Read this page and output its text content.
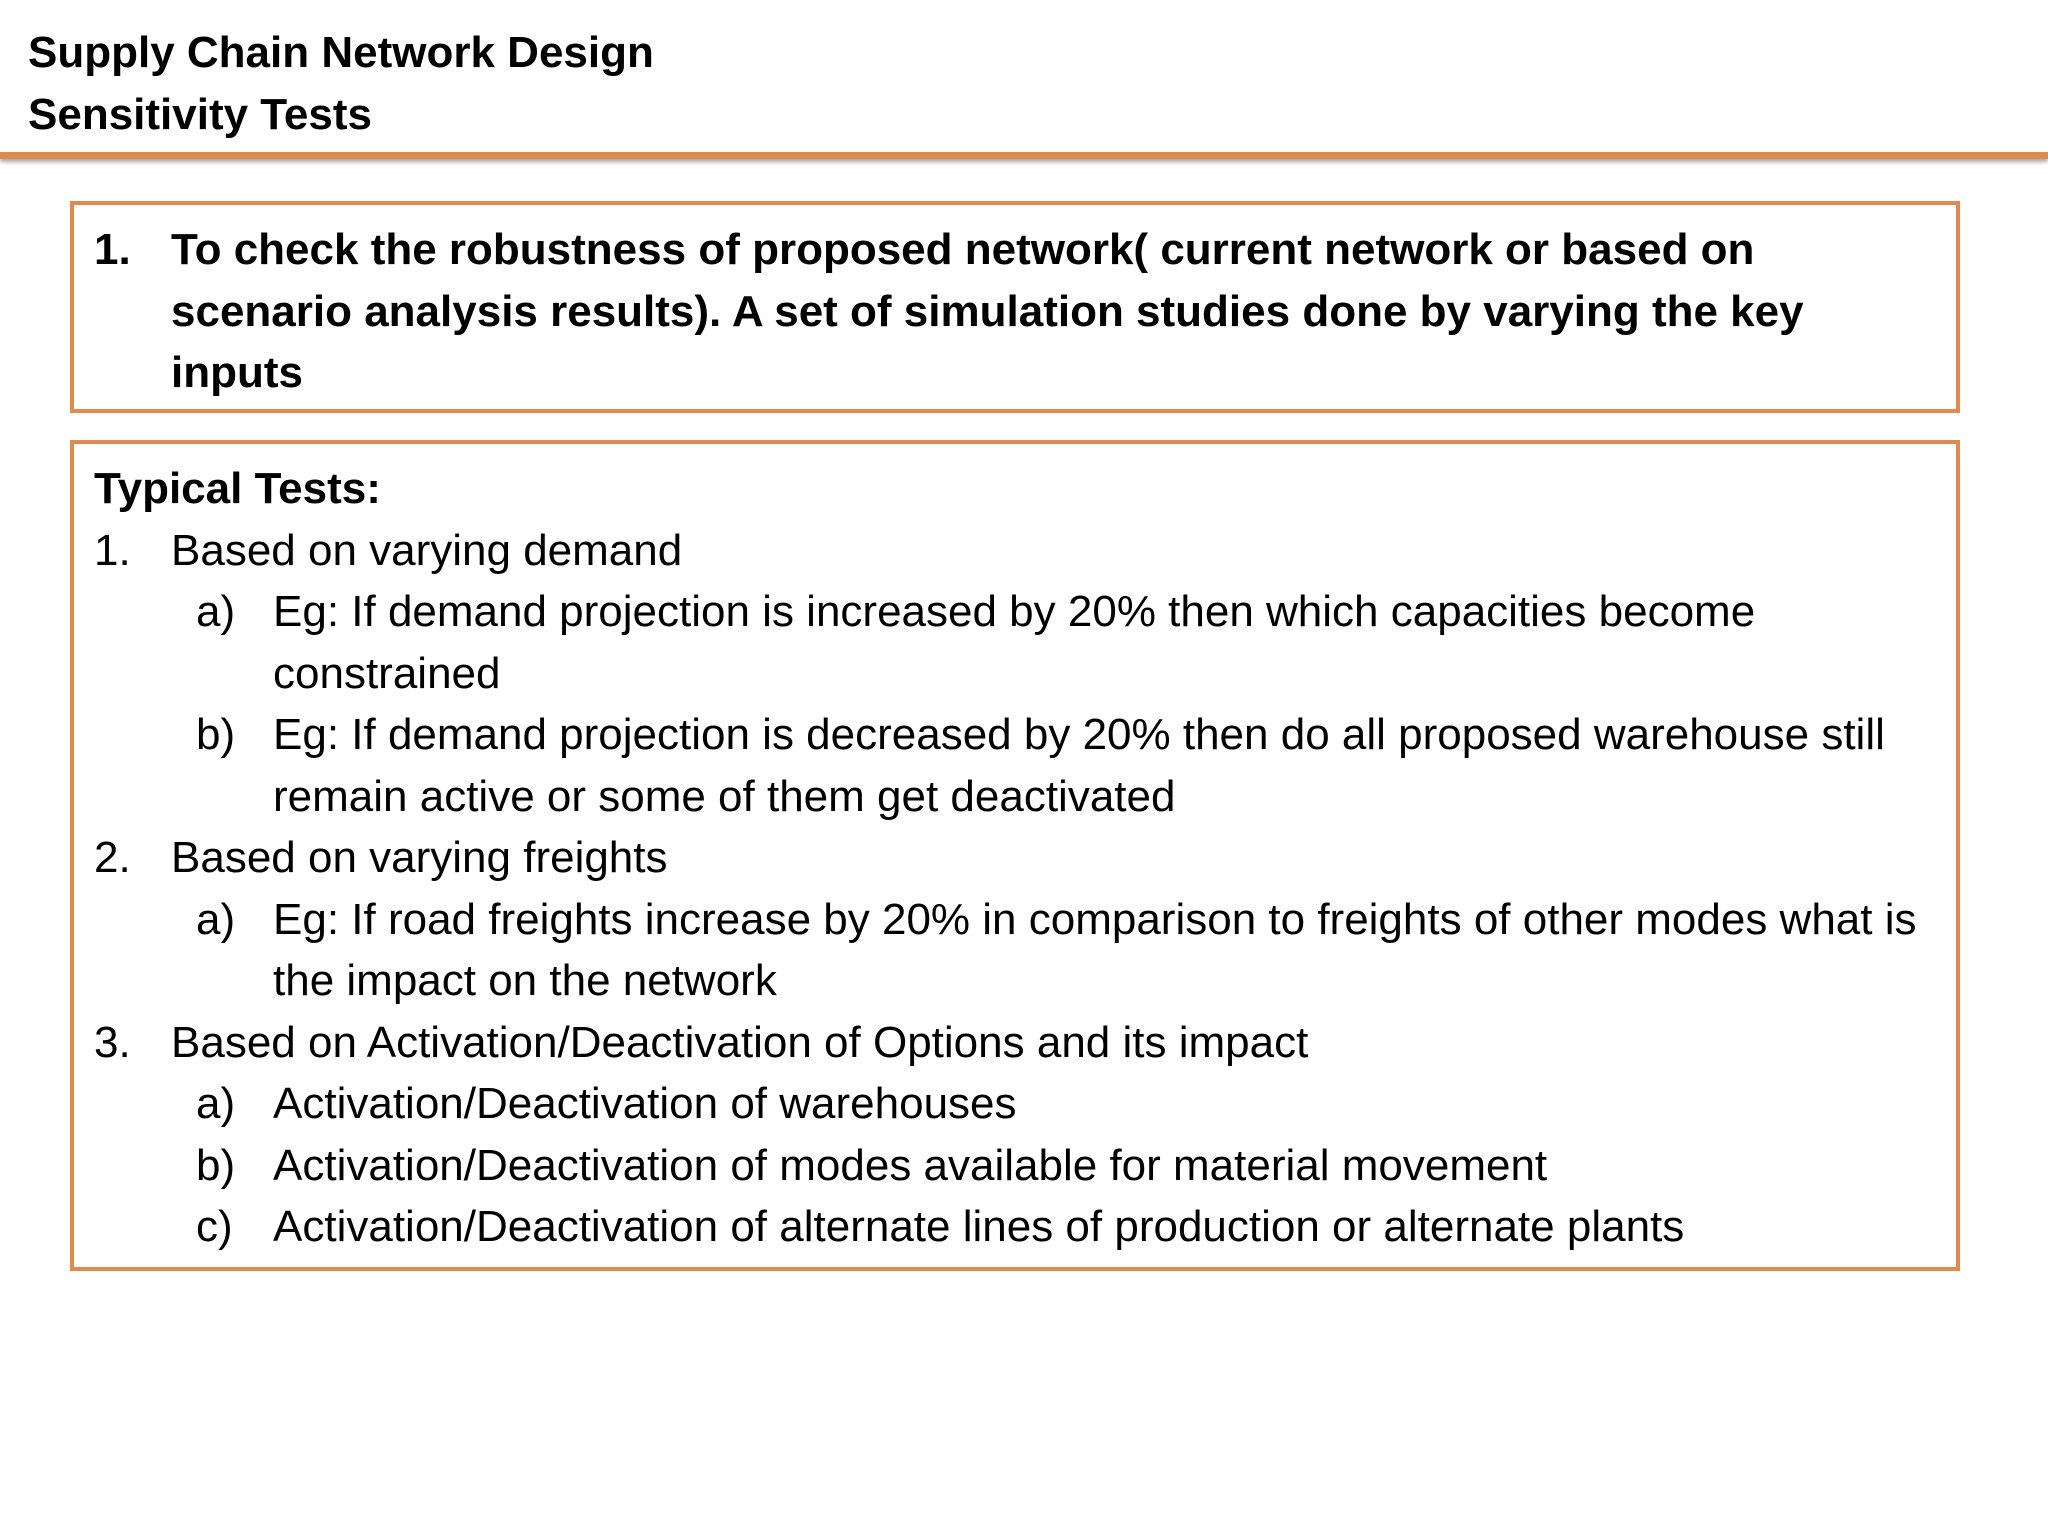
Supply Chain Network Design
Sensitivity Tests
1. To check the robustness of proposed network( current network or based on scenario analysis results). A set of simulation studies done by varying the key inputs
Typical Tests:
1. Based on varying demand
a) Eg: If demand projection is increased by 20% then which capacities become constrained
b) Eg: If demand projection is decreased by 20% then do all proposed warehouse still remain active or some of them get deactivated
2. Based on varying freights
a) Eg: If road freights increase by 20% in comparison to freights of other modes what is the impact on the network
3. Based on Activation/Deactivation of Options and its impact
a) Activation/Deactivation of warehouses
b) Activation/Deactivation of modes available for material movement
c) Activation/Deactivation of alternate lines of production or alternate plants
